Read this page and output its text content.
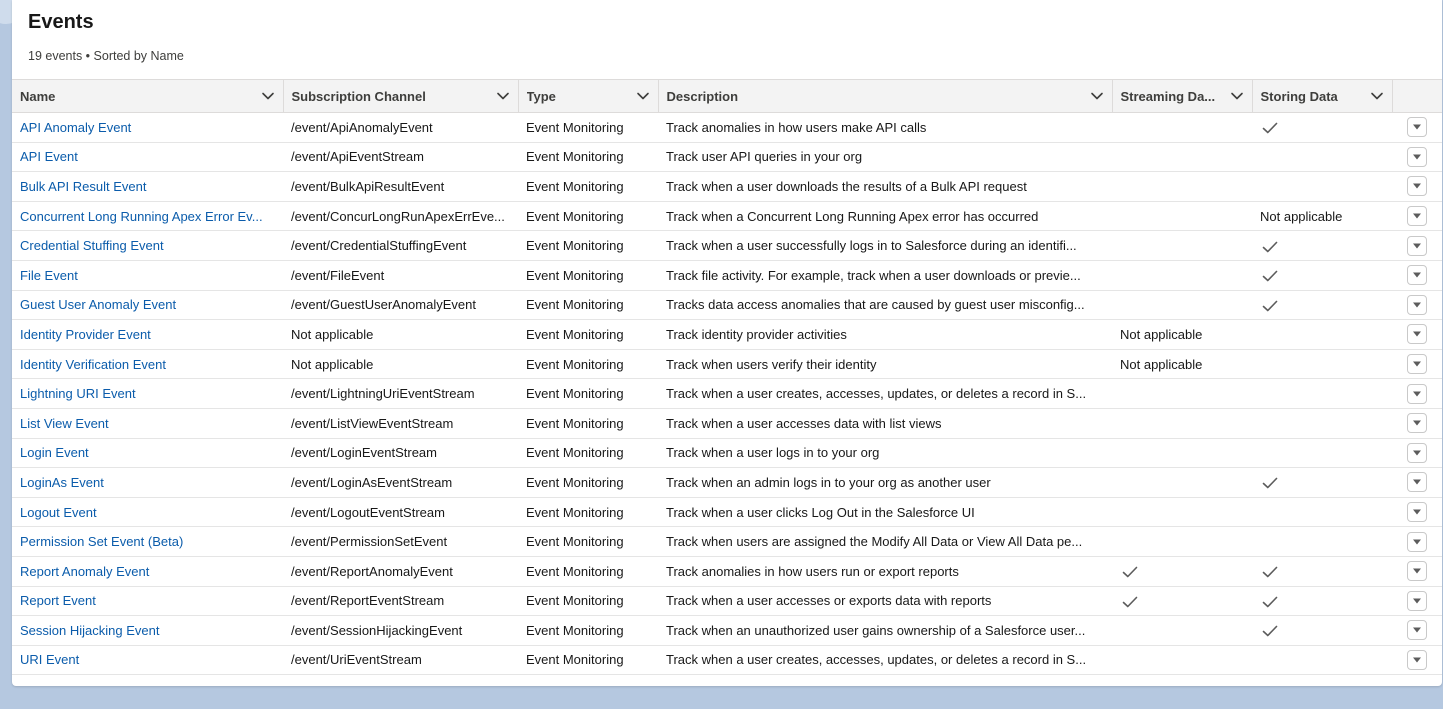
Events
19 events • Sorted by Name
Name	Subscription Channel	Type	Description	Streaming Da...	Storing Data	

API Anomaly Event	/event/ApiAnomalyEvent	Event Monitoring	Track anomalies in how users make API calls			

API Event	/event/ApiEventStream	Event Monitoring	Track user API queries in your org			

Bulk API Result Event	/event/BulkApiResultEvent	Event Monitoring	Track when a user downloads the results of a Bulk API request			

Concurrent Long Running Apex Error Ev...	/event/ConcurLongRunApexErrEve...	Event Monitoring	Track when a Concurrent Long Running Apex error has occurred		Not applicable	

Credential Stuffing Event	/event/CredentialStuffingEvent	Event Monitoring	Track when a user successfully logs in to Salesforce during an identifi...			

File Event	/event/FileEvent	Event Monitoring	Track file activity. For example, track when a user downloads or previe...			

Guest User Anomaly Event	/event/GuestUserAnomalyEvent	Event Monitoring	Tracks data access anomalies that are caused by guest user misconfig...			

Identity Provider Event	Not applicable	Event Monitoring	Track identity provider activities	Not applicable		

Identity Verification Event	Not applicable	Event Monitoring	Track when users verify their identity	Not applicable		

Lightning URI Event	/event/LightningUriEventStream	Event Monitoring	Track when a user creates, accesses, updates, or deletes a record in S...			

List View Event	/event/ListViewEventStream	Event Monitoring	Track when a user accesses data with list views			

Login Event	/event/LoginEventStream	Event Monitoring	Track when a user logs in to your org			

LoginAs Event	/event/LoginAsEventStream	Event Monitoring	Track when an admin logs in to your org as another user			

Logout Event	/event/LogoutEventStream	Event Monitoring	Track when a user clicks Log Out in the Salesforce UI			

Permission Set Event (Beta)	/event/PermissionSetEvent	Event Monitoring	Track when users are assigned the Modify All Data or View All Data pe...			

Report Anomaly Event	/event/ReportAnomalyEvent	Event Monitoring	Track anomalies in how users run or export reports			

Report Event	/event/ReportEventStream	Event Monitoring	Track when a user accesses or exports data with reports			

Session Hijacking Event	/event/SessionHijackingEvent	Event Monitoring	Track when an unauthorized user gains ownership of a Salesforce user...			

URI Event	/event/UriEventStream	Event Monitoring	Track when a user creates, accesses, updates, or deletes a record in S...			
